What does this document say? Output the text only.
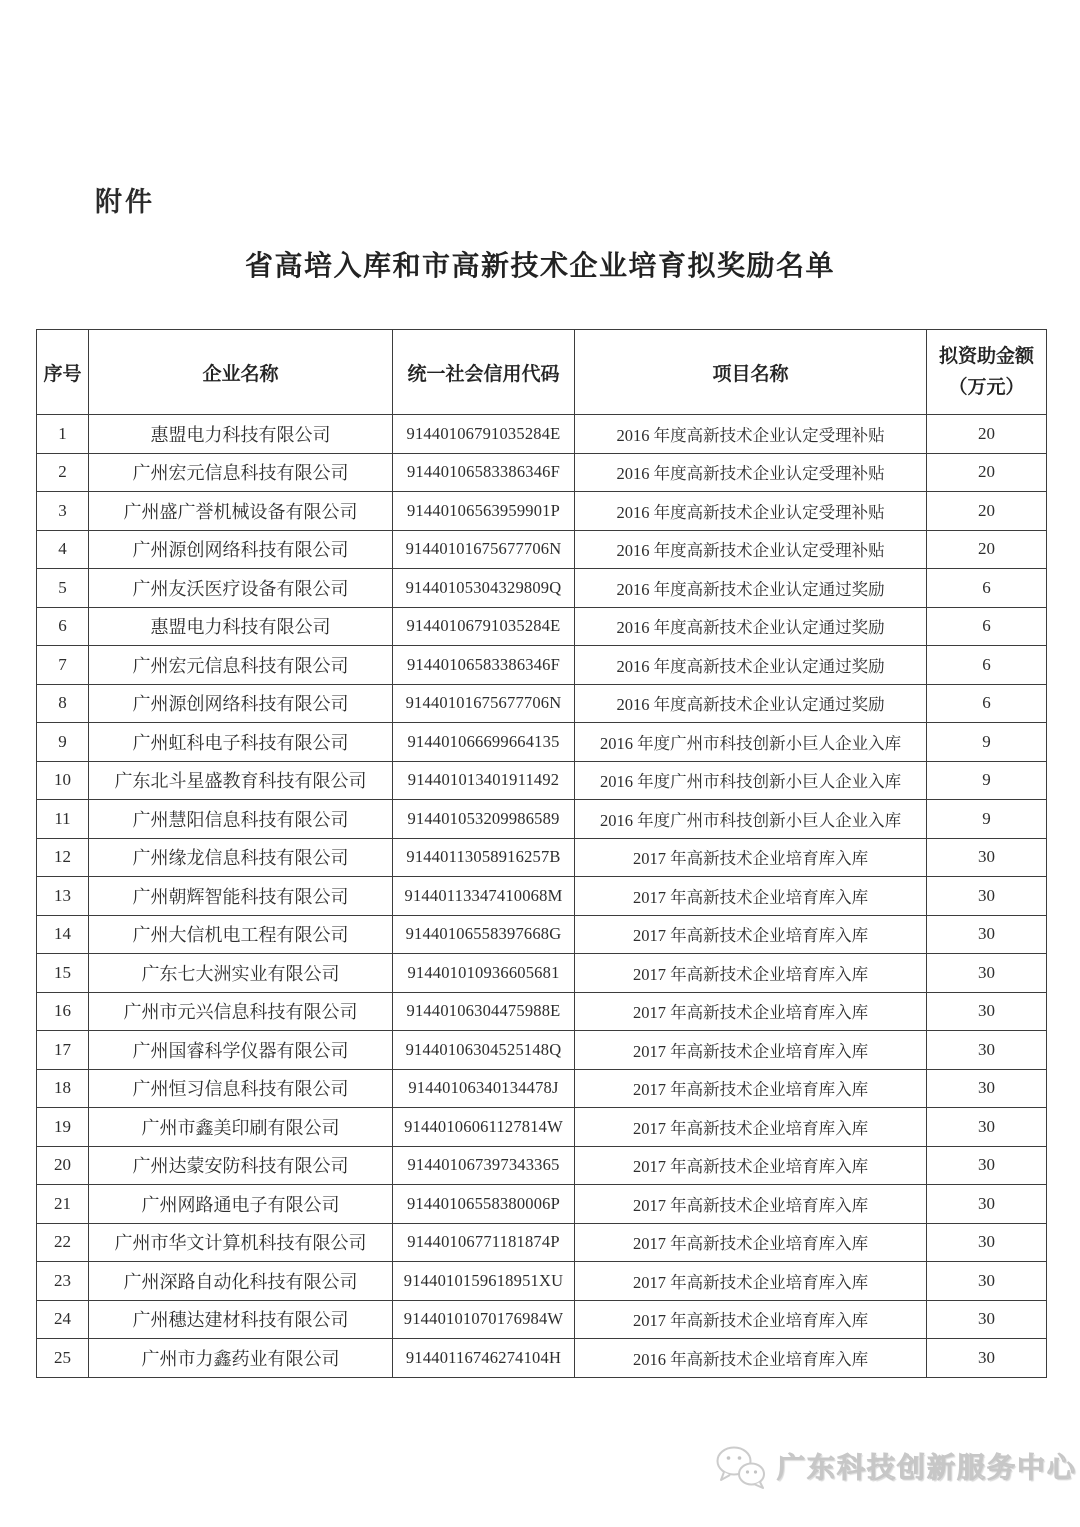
附件
省高培入库和市高新技术企业培育拟奖励名单
序号	企业名称	统一社会信用代码	项目名称	拟资助金额
（万元）

1	惠盟电力科技有限公司	91440106791035284E	2016 年度高新技术企业认定受理补贴	20
2	广州宏元信息科技有限公司	91440106583386346F	2016 年度高新技术企业认定受理补贴	20
3	广州盛广誉机械设备有限公司	91440106563959901P	2016 年度高新技术企业认定受理补贴	20
4	广州源创网络科技有限公司	91440101675677706N	2016 年度高新技术企业认定受理补贴	20
5	广州友沃医疗设备有限公司	91440105304329809Q	2016 年度高新技术企业认定通过奖励	6
6	惠盟电力科技有限公司	91440106791035284E	2016 年度高新技术企业认定通过奖励	6
7	广州宏元信息科技有限公司	91440106583386346F	2016 年度高新技术企业认定通过奖励	6
8	广州源创网络科技有限公司	91440101675677706N	2016 年度高新技术企业认定通过奖励	6
9	广州虹科电子科技有限公司	914401066699664135	2016 年度广州市科技创新小巨人企业入库	9
10	广东北斗星盛教育科技有限公司	914401013401911492	2016 年度广州市科技创新小巨人企业入库	9
11	广州慧阳信息科技有限公司	914401053209986589	2016 年度广州市科技创新小巨人企业入库	9
12	广州缘龙信息科技有限公司	91440113058916257B	2017 年高新技术企业培育库入库	30
13	广州朝辉智能科技有限公司	91440113347410068M	2017 年高新技术企业培育库入库	30
14	广州大信机电工程有限公司	91440106558397668G	2017 年高新技术企业培育库入库	30
15	广东七大洲实业有限公司	914401010936605681	2017 年高新技术企业培育库入库	30
16	广州市元兴信息科技有限公司	91440106304475988E	2017 年高新技术企业培育库入库	30
17	广州国睿科学仪器有限公司	91440106304525148Q	2017 年高新技术企业培育库入库	30
18	广州恒习信息科技有限公司	91440106340134478J	2017 年高新技术企业培育库入库	30
19	广州市鑫美印刷有限公司	91440106061127814W	2017 年高新技术企业培育库入库	30
20	广州达蒙安防科技有限公司	914401067397343365	2017 年高新技术企业培育库入库	30
21	广州网路通电子有限公司	91440106558380006P	2017 年高新技术企业培育库入库	30
22	广州市华文计算机科技有限公司	91440106771181874P	2017 年高新技术企业培育库入库	30
23	广州深路自动化科技有限公司	9144010159618951XU	2017 年高新技术企业培育库入库	30
24	广州穗达建材科技有限公司	91440101070176984W	2017 年高新技术企业培育库入库	30
25	广州市力鑫药业有限公司	91440116746274104H	2016 年高新技术企业培育库入库	30
广东科技创新服务中心
